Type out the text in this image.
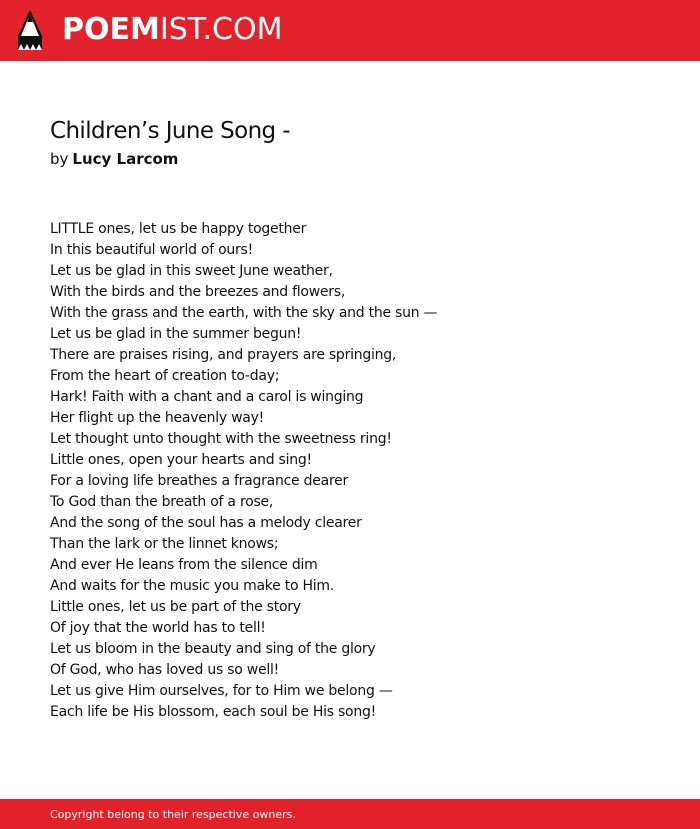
POEMIST.COM
Children’s June Song -
by Lucy Larcom
LITTLE ones, let us be happy together
In this beautiful world of ours!
Let us be glad in this sweet June weather,
With the birds and the breezes and flowers,
With the grass and the earth, with the sky and the sun —
Let us be glad in the summer begun!
There are praises rising, and prayers are springing,
From the heart of creation to-day;
Hark! Faith with a chant and a carol is winging
Her flight up the heavenly way!
Let thought unto thought with the sweetness ring!
Little ones, open your hearts and sing!
For a loving life breathes a fragrance dearer
To God than the breath of a rose,
And the song of the soul has a melody clearer
Than the lark or the linnet knows;
And ever He leans from the silence dim
And waits for the music you make to Him.
Little ones, let us be part of the story
Of joy that the world has to tell!
Let us bloom in the beauty and sing of the glory
Of God, who has loved us so well!
Let us give Him ourselves, for to Him we belong —
Each life be His blossom, each soul be His song!
Copyright belong to their respective owners.
